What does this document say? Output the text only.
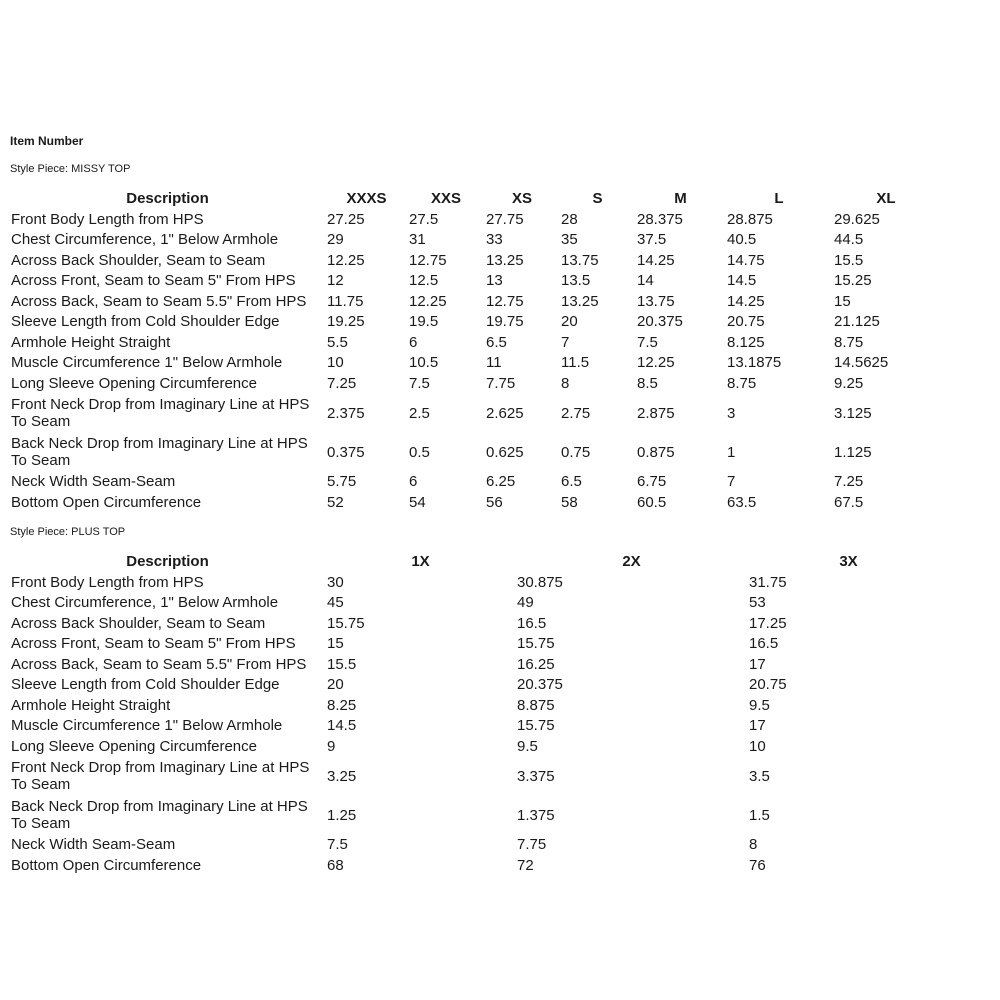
Item Number
Style Piece: MISSY TOP
Description	XXXS	XXS	XS	S	M	L	XL
Front Body Length from HPS	27.25	27.5	27.75	28	28.375	28.875	29.625
Chest Circumference, 1" Below Armhole	29	31	33	35	37.5	40.5	44.5
Across Back Shoulder, Seam to Seam	12.25	12.75	13.25	13.75	14.25	14.75	15.5
Across Front, Seam to Seam 5" From HPS	12	12.5	13	13.5	14	14.5	15.25
Across Back, Seam to Seam 5.5" From HPS	11.75	12.25	12.75	13.25	13.75	14.25	15
Sleeve Length from Cold Shoulder Edge	19.25	19.5	19.75	20	20.375	20.75	21.125
Armhole Height Straight	5.5	6	6.5	7	7.5	8.125	8.75
Muscle Circumference 1" Below Armhole	10	10.5	11	11.5	12.25	13.1875	14.5625
Long Sleeve Opening Circumference	7.25	7.5	7.75	8	8.5	8.75	9.25
Front Neck Drop from Imaginary Line at HPS To Seam	2.375	2.5	2.625	2.75	2.875	3	3.125
Back Neck Drop from Imaginary Line at HPS To Seam	0.375	0.5	0.625	0.75	0.875	1	1.125
Neck Width Seam-Seam	5.75	6	6.25	6.5	6.75	7	7.25
Bottom Open Circumference	52	54	56	58	60.5	63.5	67.5
Style Piece: PLUS TOP
Description	1X	2X	3X
Front Body Length from HPS	30	30.875	31.75
Chest Circumference, 1" Below Armhole	45	49	53
Across Back Shoulder, Seam to Seam	15.75	16.5	17.25
Across Front, Seam to Seam 5" From HPS	15	15.75	16.5
Across Back, Seam to Seam 5.5" From HPS	15.5	16.25	17
Sleeve Length from Cold Shoulder Edge	20	20.375	20.75
Armhole Height Straight	8.25	8.875	9.5
Muscle Circumference 1" Below Armhole	14.5	15.75	17
Long Sleeve Opening Circumference	9	9.5	10
Front Neck Drop from Imaginary Line at HPS To Seam	3.25	3.375	3.5
Back Neck Drop from Imaginary Line at HPS To Seam	1.25	1.375	1.5
Neck Width Seam-Seam	7.5	7.75	8
Bottom Open Circumference	68	72	76
